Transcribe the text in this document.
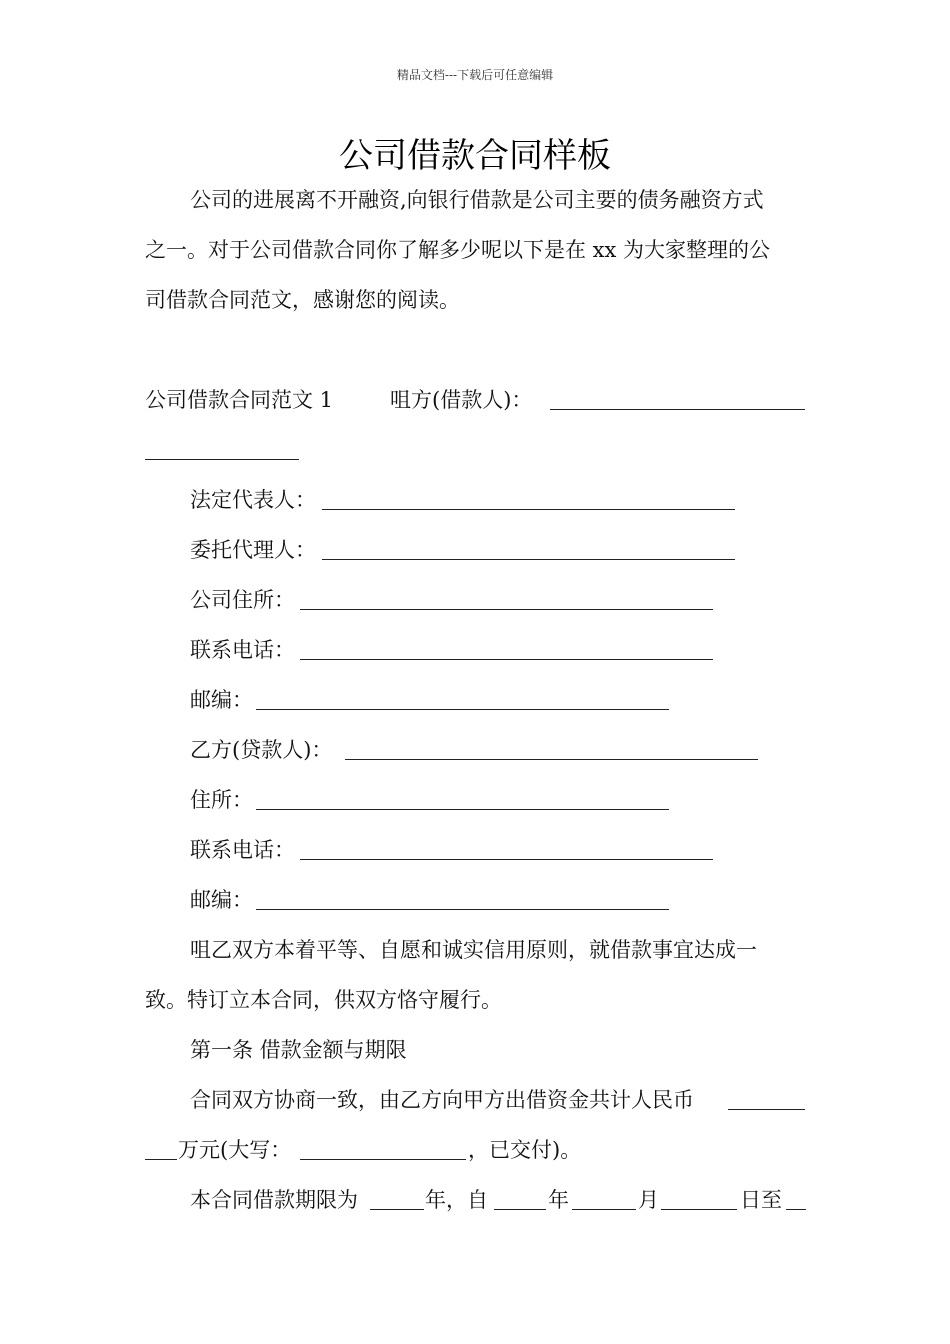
精品文档---下载后可任意编辑
公司借款合同样板
公司的进展离不开融资,向银行借款是公司主要的债务融资方式
之一。对于公司借款合同你了解多少呢以下是在 xx 为大家整理的公
司借款合同范文，感谢您的阅读。
公司借款合同范文 1	咀方(借款人)：
法定代表人：
委托代理人：
公司住所：
联系电话：
邮编：
乙方(贷款人)：
住所：
联系电话：
邮编：
咀乙双方本着平等、自愿和诚实信用原则，就借款事宜达成一
致。特订立本合同，供双方恪守履行。
第一条 借款金额与期限
合同双方协商一致，由乙方向甲方出借资金共计人民币
万元(大写：	，已交付)。
本合同借款期限为	年，自	年	月	日至
